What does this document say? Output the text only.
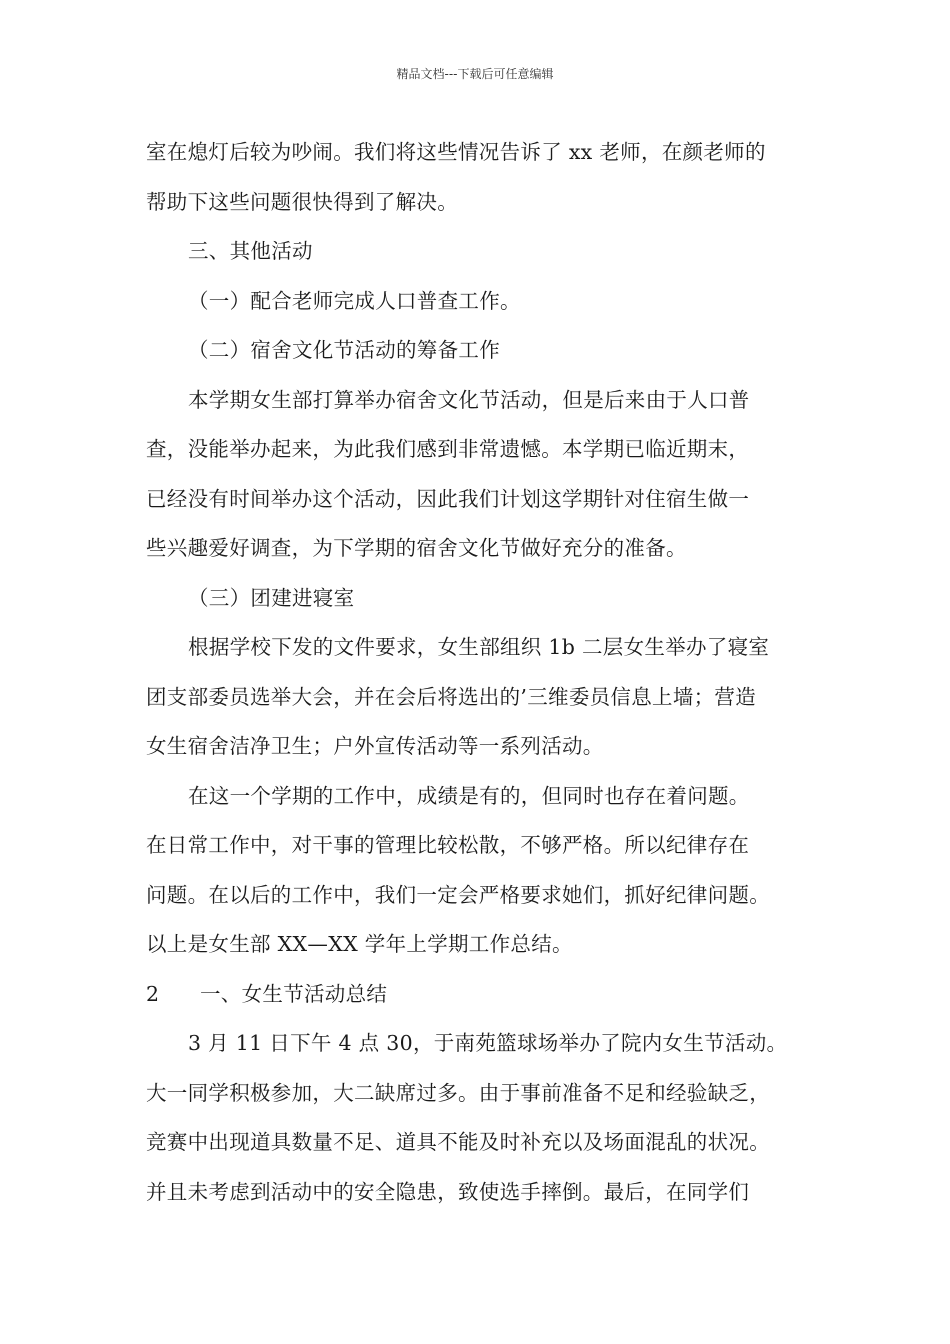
精品文档---下载后可任意编辑
室在熄灯后较为吵闹。我们将这些情况告诉了 xx 老师，在颜老师的
帮助下这些问题很快得到了解决。
三、其他活动
（一）配合老师完成人口普查工作。
（二）宿舍文化节活动的筹备工作
本学期女生部打算举办宿舍文化节活动，但是后来由于人口普
查，没能举办起来，为此我们感到非常遗憾。本学期已临近期末，
已经没有时间举办这个活动，因此我们计划这学期针对住宿生做一
些兴趣爱好调查，为下学期的宿舍文化节做好充分的准备。
（三）团建进寝室
根据学校下发的文件要求，女生部组织 1b 二层女生举办了寝室
团支部委员选举大会，并在会后将选出的’三维委员信息上墙；营造
女生宿舍洁净卫生；户外宣传活动等一系列活动。
在这一个学期的工作中，成绩是有的，但同时也存在着问题。
在日常工作中，对干事的管理比较松散，不够严格。所以纪律存在
问题。在以后的工作中，我们一定会严格要求她们，抓好纪律问题。
以上是女生部 XX—XX 学年上学期工作总结。
2 一、女生节活动总结
3 月 11 日下午 4 点 30，于南苑篮球场举办了院内女生节活动。
大一同学积极参加，大二缺席过多。由于事前准备不足和经验缺乏，
竞赛中出现道具数量不足、道具不能及时补充以及场面混乱的状况。
并且未考虑到活动中的安全隐患，致使选手摔倒。最后，在同学们
